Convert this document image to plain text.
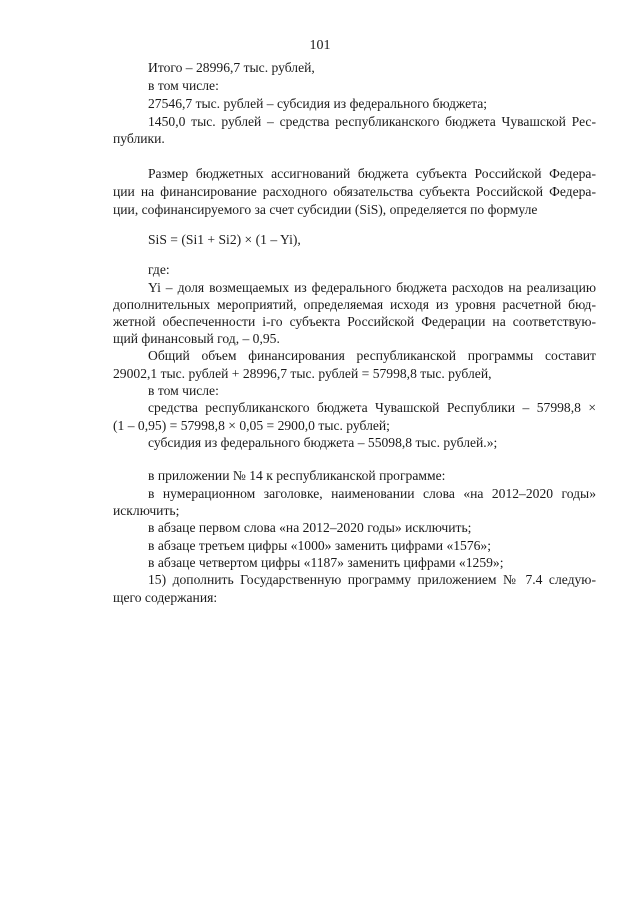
101
Итого – 28996,7 тыс. рублей,
в том числе:
27546,7 тыс. рублей – субсидия из федерального бюджета;
1450,0 тыс. рублей – средства республиканского бюджета Чувашской Рес-
публики.
Размер бюджетных ассигнований бюджета субъекта Российской Федера-
ции на финансирование расходного обязательства субъекта Российской Федера-
ции, софинансируемого за счет субсидии (SiS), определяется по формуле
SiS = (Si1 + Si2) × (1 – Yi),
где:
Yi – доля возмещаемых из федерального бюджета расходов на реализацию
дополнительных мероприятий, определяемая исходя из уровня расчетной бюд-
жетной обеспеченности i-го субъекта Российской Федерации на соответствую-
щий финансовый год, – 0,95.
Общий объем финансирования республиканской программы составит
29002,1 тыс. рублей + 28996,7 тыс. рублей = 57998,8 тыс. рублей,
в том числе:
средства республиканского бюджета Чувашской Республики – 57998,8 ×
(1 – 0,95) = 57998,8 × 0,05 = 2900,0 тыс. рублей;
субсидия из федерального бюджета – 55098,8 тыс. рублей.»;
в приложении № 14 к республиканской программе:
в нумерационном заголовке, наименовании слова «на 2012–2020 годы»
исключить;
в абзаце первом слова «на 2012–2020 годы» исключить;
в абзаце третьем цифры «1000» заменить цифрами «1576»;
в абзаце четвертом цифры «1187» заменить цифрами «1259»;
15) дополнить Государственную программу приложением № 7.4 следую-
щего содержания:
